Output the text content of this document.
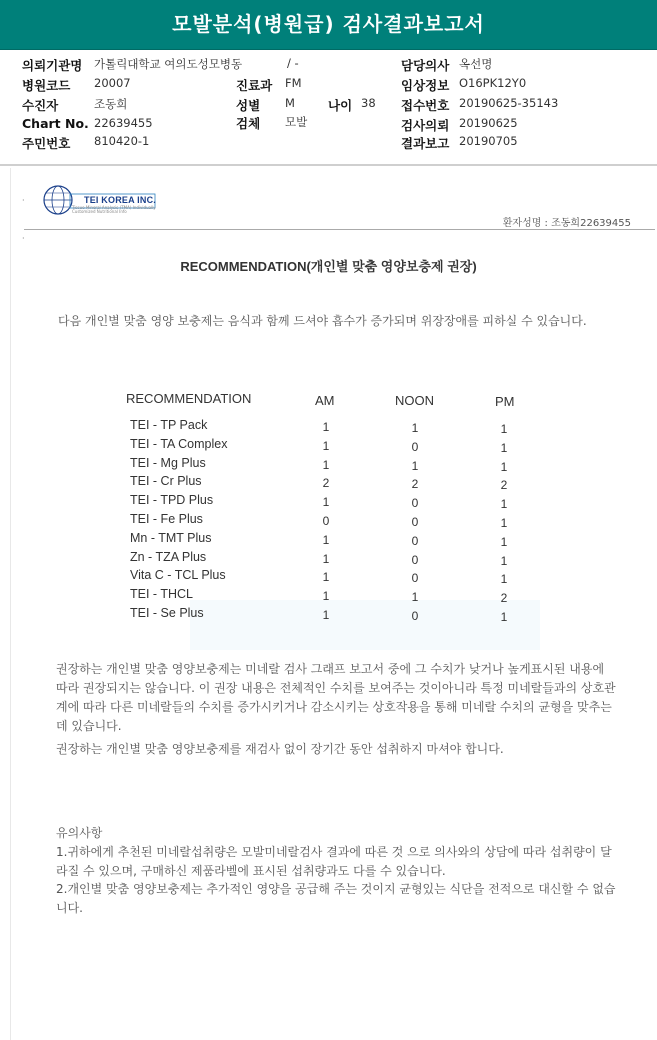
모발분석(병원급) 검사결과보고서
의뢰기관명 가톨릭대학교 여의도성모병동	/ -
병원코드 20007
수진자	조동희
Chart No. 22639455
주민번호 810420-1
진료과 FM
성별 M	나이 38
검체 모발
담당의사 옥선명
임상정보 O16PK12Y0
접수번호 20190625-35143
검사의뢰 20190625
결과보고 20190705
·
·
TEI KOREA INC.
Tissue Mineral Analysis (TMA) Individually Customized Nutritional Info
환자성명 : 조동희22639455
RECOMMENDATION(개인별 맞춤 영양보충제 권장)
다음 개인별 맞춤 영양 보충제는 음식과 함께 드셔야 흡수가 증가되며 위장장애를 피하실 수 있습니다.
RECOMMENDATION	AM	NOON	PM
TEI - TP Pack	1	1	1
TEI - TA Complex	1	0	1
TEI - Mg Plus	1	1	1
TEI - Cr Plus	2	2	2
TEI - TPD Plus	1	0	1
TEI - Fe Plus	0	0	1
Mn - TMT Plus	1	0	1
Zn - TZA Plus	1	0	1
Vita C - TCL Plus	1	0	1
TEI - THCL	1	1	2
TEI - Se Plus	1	0	1
권장하는 개인별 맞춤 영양보충제는 미네랄 검사 그래프 보고서 중에 그 수치가 낮거나 높게표시된 내용에 따라 권장되지는 않습니다. 이 권장 내용은 전체적인 수치를 보여주는 것이아니라 특정 미네랄들과의 상호관계에 따라 다른 미네랄들의 수치를 증가시키거나 감소시키는 상호작용을 통해 미네랄 수치의 균형을 맞추는데 있습니다.
권장하는 개인별 맞춤 영양보충제를 재검사 없이 장기간 동안 섭취하지 마셔야 합니다.
유의사항
1.귀하에게 추천된 미네랄섭취량은 모발미네랄검사 결과에 따른 것 으로 의사와의 상담에 따라 섭취량이 달라질 수 있으며, 구매하신 제품라벨에 표시된 섭취량과도 다를 수 있습니다.
2.개인별 맞춤 영양보충제는 추가적인 영양을 공급해 주는 것이지 균형있는 식단을 전적으로 대신할 수 없습니다.
